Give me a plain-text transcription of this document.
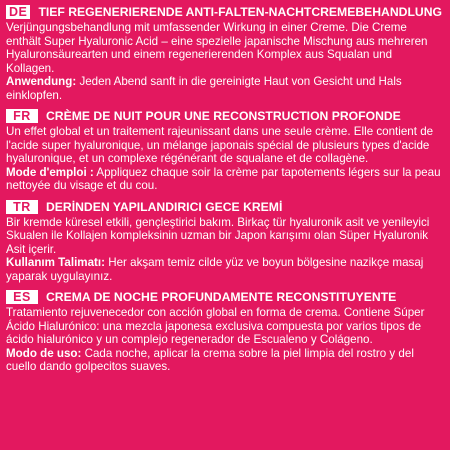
DE TIEF REGENERIERENDE ANTI-FALTEN-NACHTCREMEBEHANDLUNG
Verjüngungsbehandlung mit umfassender Wirkung in einer Creme. Die Creme enthält Super Hyaluronic Acid – eine spezielle japanische Mischung aus mehreren Hyaluronsäurearten und einem regenerierenden Komplex aus Squalan und Kollagen.
Anwendung: Jeden Abend sanft in die gereinigte Haut von Gesicht und Hals einklopfen.
FR	CRÈME DE NUIT POUR UNE RECONSTRUCTION PROFONDE
Un effet global et un traitement rajeunissant dans une seule crème. Elle contient de l'acide super hyaluronique, un mélange japonais spécial de plusieurs types d'acide hyaluronique, et un complexe régénérant de squalane et de collagène.
Mode d'emploi : Appliquez chaque soir la crème par tapotements légers sur la peau nettoyée du visage et du cou.
TR	DERİNDEN YAPILANDIRICI GECE KREMİ
Bir kremde küresel etkili, gençleştirici bakım. Birkaç tür hyaluronik asit ve yenileyici Skualen ile Kollajen kompleksinin uzman bir Japon karışımı olan Süper Hyaluronik Asit içerir.
Kullanım Talimatı: Her akşam temiz cilde yüz ve boyun bölgesine nazikçe masaj yaparak uygulayınız.
ES	CREMA DE NOCHE PROFUNDAMENTE RECONSTITUYENTE
Tratamiento rejuvenecedor con acción global en forma de crema. Contiene Súper Ácido Hialurónico: una mezcla japonesa exclusiva compuesta por varios tipos de ácido hialurónico y un complejo regenerador de Escualeno y Colágeno.
Modo de uso: Cada noche, aplicar la crema sobre la piel limpia del rostro y del cuello dando golpecitos suaves.
